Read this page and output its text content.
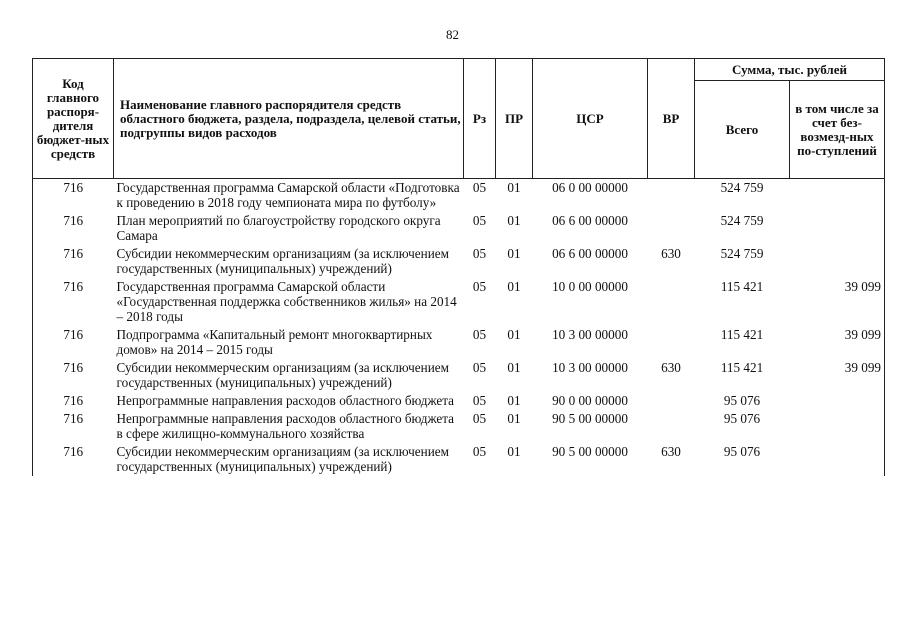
82
Код главного распоря-дителя бюджет-ных средств	Наименование главного распорядителя средств областного бюджета, раздела, подраздела, целевой статьи, подгруппы видов расходов	Рз	ПР	ЦСР	ВР	Сумма, тыс. рублей	
						Всего	в том числе за счет без-возмезд-ных по-ступлений
716	Государственная программа Самарской области «Подготовка к проведению в 2018 году чемпионата мира по футболу»	05	01	06 0 00 00000		524 759	
716	План мероприятий по благоустройству городского округа Самара	05	01	06 6 00 00000		524 759	
716	Субсидии некоммерческим организациям (за исключением государственных (муниципальных) учреждений)	05	01	06 6 00 00000	630	524 759	
716	Государственная программа Самарской области «Государственная поддержка собственников жилья» на 2014 – 2018 годы	05	01	10 0 00 00000		115 421	39 099
716	Подпрограмма «Капитальный ремонт многоквартирных домов» на 2014 – 2015 годы	05	01	10 3 00 00000		115 421	39 099
716	Субсидии некоммерческим организациям (за исключением государственных (муниципальных) учреждений)	05	01	10 3 00 00000	630	115 421	39 099
716	Непрограммные направления расходов областного бюджета	05	01	90 0 00 00000		95 076	
716	Непрограммные направления расходов областного бюджета в сфере жилищно-коммунального хозяйства	05	01	90 5 00 00000		95 076	
716	Субсидии некоммерческим организациям (за исключением государственных (муниципальных) учреждений)	05	01	90 5 00 00000	630	95 076	
